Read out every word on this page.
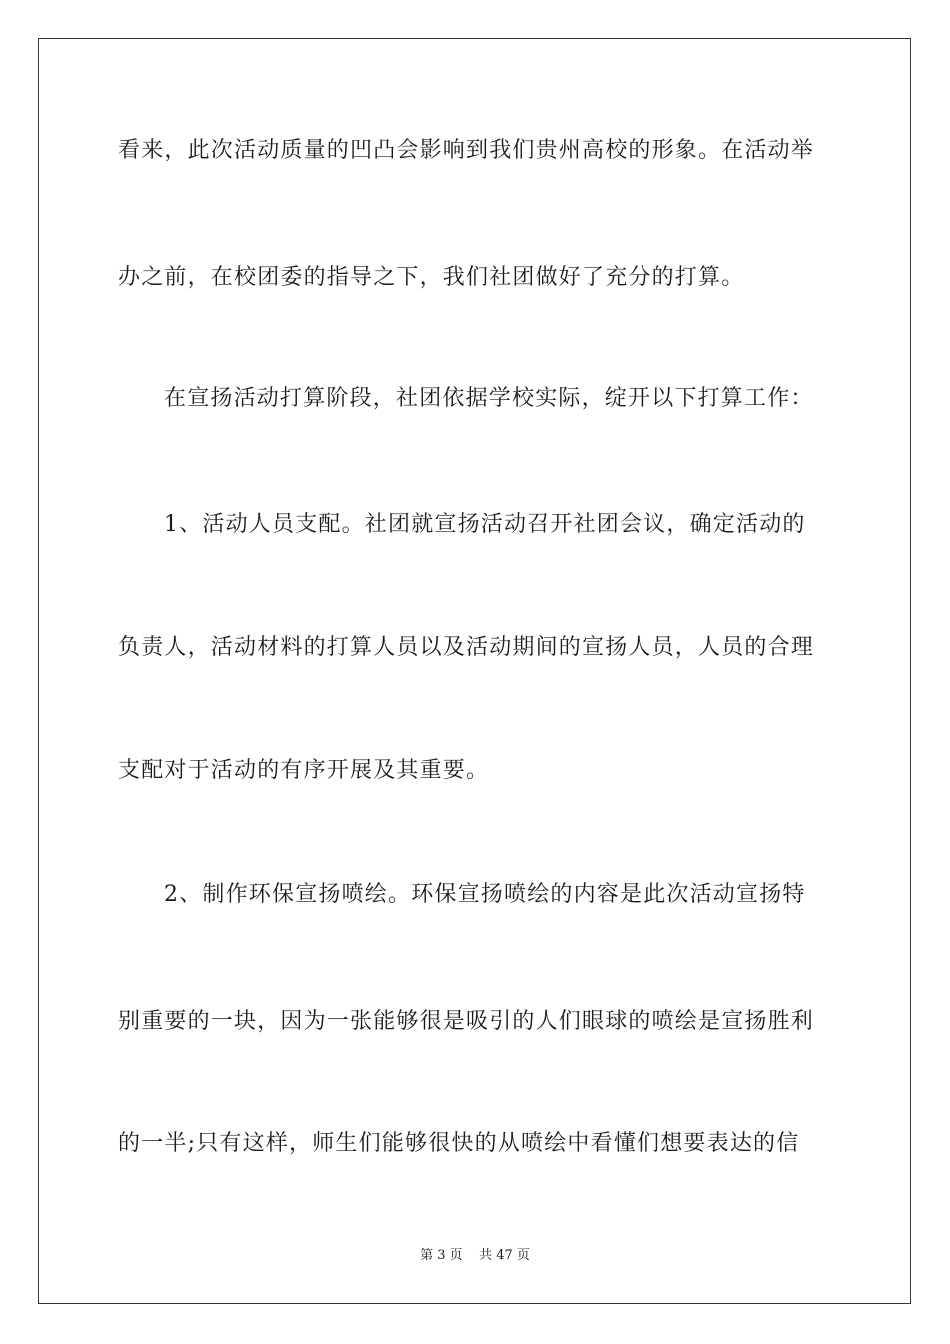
看来，此次活动质量的凹凸会影响到我们贵州高校的形象。在活动举
办之前，在校团委的指导之下，我们社团做好了充分的打算。
在宣扬活动打算阶段，社团依据学校实际，绽开以下打算工作：
1、活动人员支配。社团就宣扬活动召开社团会议，确定活动的
负责人，活动材料的打算人员以及活动期间的宣扬人员，人员的合理
支配对于活动的有序开展及其重要。
2、制作环保宣扬喷绘。环保宣扬喷绘的内容是此次活动宣扬特
别重要的一块，因为一张能够很是吸引的人们眼球的喷绘是宣扬胜利
的一半;只有这样，师生们能够很快的从喷绘中看懂们想要表达的信
第 3 页    共 47 页
